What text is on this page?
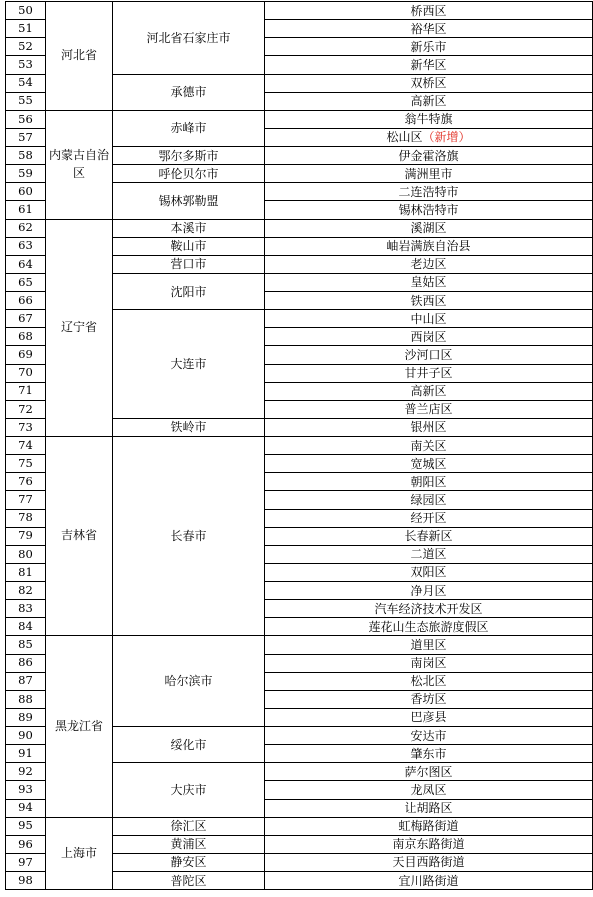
50	河北省	河北省石家庄市	桥西区
51			裕华区
52			新乐市
53			新华区
54		承德市	双桥区
55			高新区
56	内蒙古自治区	赤峰市	翁牛特旗
57			松山区（新增）
58		鄂尔多斯市	伊金霍洛旗
59		呼伦贝尔市	满洲里市
60		锡林郭勒盟	二连浩特市
61			锡林浩特市
62	辽宁省	本溪市	溪湖区
63		鞍山市	岫岩满族自治县
64		营口市	老边区
65		沈阳市	皇姑区
66			铁西区
67		大连市	中山区
68			西岗区
69			沙河口区
70			甘井子区
71			高新区
72			普兰店区
73		铁岭市	银州区
74	吉林省	长春市	南关区
75			宽城区
76			朝阳区
77			绿园区
78			经开区
79			长春新区
80			二道区
81			双阳区
82			净月区
83			汽车经济技术开发区
84			莲花山生态旅游度假区
85	黑龙江省	哈尔滨市	道里区
86			南岗区
87			松北区
88			香坊区
89			巴彦县
90		绥化市	安达市
91			肇东市
92		大庆市	萨尔图区
93			龙凤区
94			让胡路区
95	上海市	徐汇区	虹梅路街道
96		黄浦区	南京东路街道
97		静安区	天目西路街道
98		普陀区	宜川路街道
